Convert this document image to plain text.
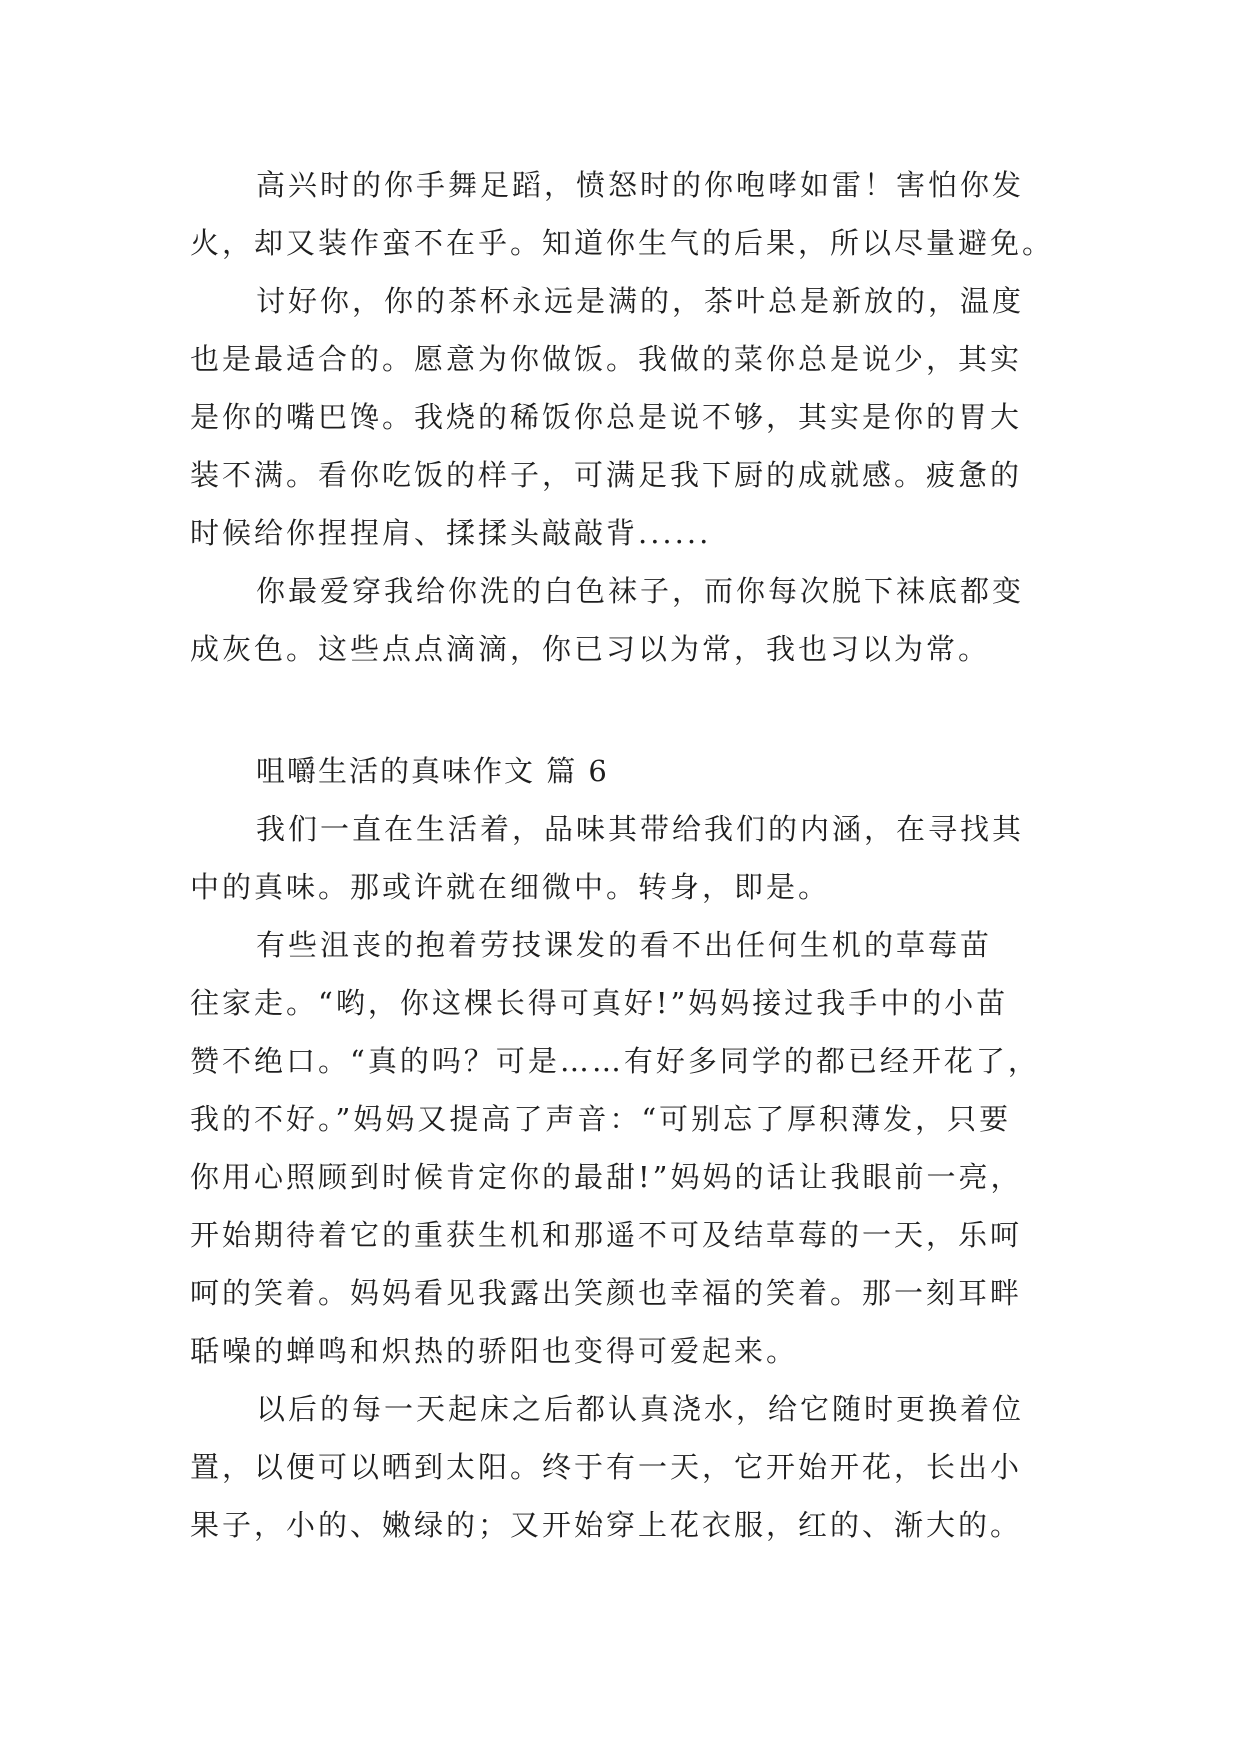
高兴时的你手舞足蹈，愤怒时的你咆哮如雷！害怕你发
火，却又装作蛮不在乎。知道你生气的后果，所以尽量避免。
讨好你，你的茶杯永远是满的，茶叶总是新放的，温度
也是最适合的。愿意为你做饭。我做的菜你总是说少，其实
是你的嘴巴馋。我烧的稀饭你总是说不够，其实是你的胃大
装不满。看你吃饭的样子，可满足我下厨的成就感。疲惫的
时候给你捏捏肩、揉揉头敲敲背......
你最爱穿我给你洗的白色袜子，而你每次脱下袜底都变
成灰色。这些点点滴滴，你已习以为常，我也习以为常。
咀嚼生活的真味作文 篇 6
我们一直在生活着，品味其带给我们的内涵，在寻找其
中的真味。那或许就在细微中。转身，即是。
有些沮丧的抱着劳技课发的看不出任何生机的草莓苗
往家走。“哟，你这棵长得可真好!”妈妈接过我手中的小苗
赞不绝口。“真的吗？可是……有好多同学的都已经开花了，
我的不好。”妈妈又提高了声音：“可别忘了厚积薄发，只要
你用心照顾到时候肯定你的最甜!”妈妈的话让我眼前一亮，
开始期待着它的重获生机和那遥不可及结草莓的一天，乐呵
呵的笑着。妈妈看见我露出笑颜也幸福的笑着。那一刻耳畔
聒噪的蝉鸣和炽热的骄阳也变得可爱起来。
以后的每一天起床之后都认真浇水，给它随时更换着位
置，以便可以晒到太阳。终于有一天，它开始开花，长出小
果子，小的、嫩绿的；又开始穿上花衣服，红的、渐大的。
